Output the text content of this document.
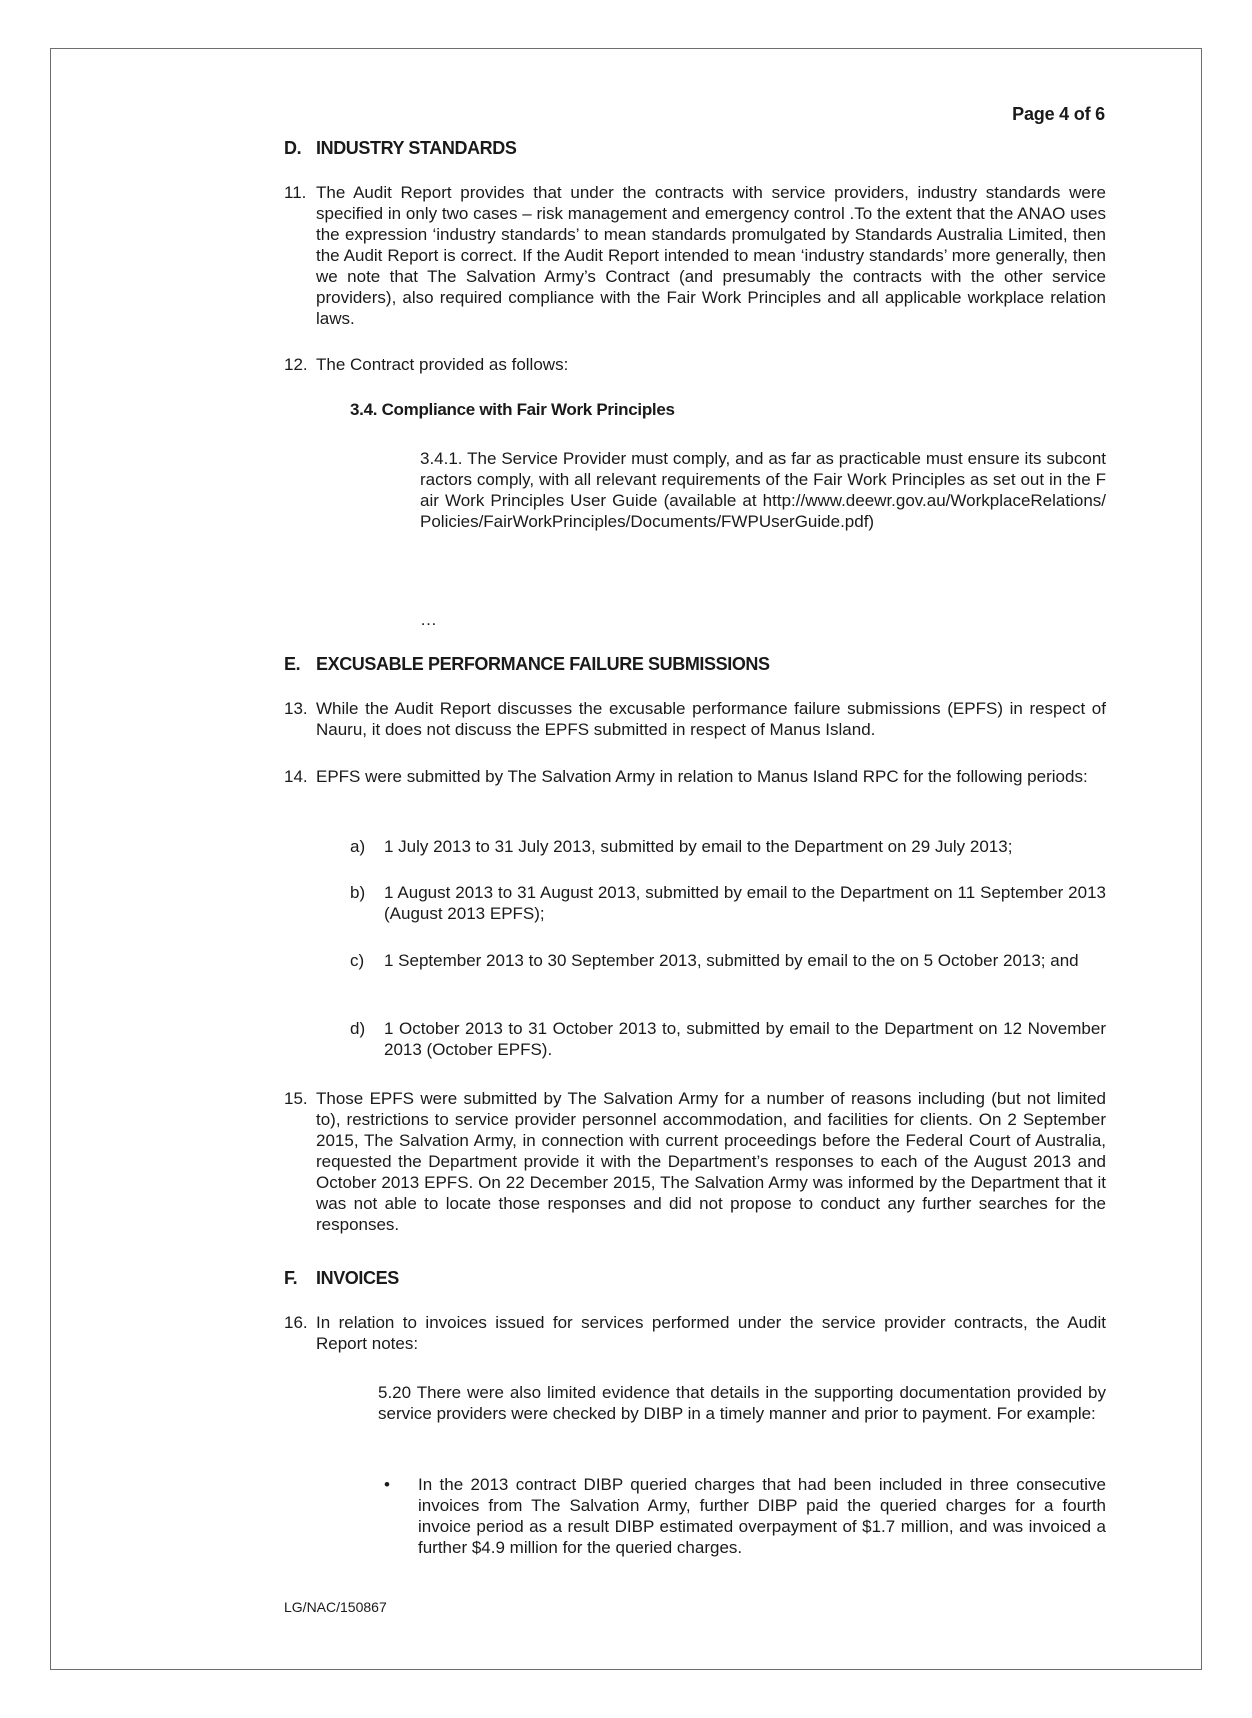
Page 4 of 6
D. INDUSTRY STANDARDS
11. The Audit Report provides that under the contracts with service providers, industry standards were specified in only two cases – risk management and emergency control .To the extent that the ANAO uses the expression ‘industry standards’ to mean standards promulgated by Standards Australia Limited, then the Audit Report is correct. If the Audit Report intended to mean ‘industry standards’ more generally, then we note that The Salvation Army’s Contract (and presumably the contracts with the other service providers), also required compliance with the Fair Work Principles and all applicable workplace relation laws.
12. The Contract provided as follows:
3.4. Compliance with Fair Work Principles
3.4.1. The Service Provider must comply, and as far as practicable must ensure its subcontractors comply, with all relevant requirements of the Fair Work Principles as set out in the Fair Work Principles User Guide (available at http://www.deewr.gov.au/WorkplaceRelations/Policies/FairWorkPrinciples/Documents/FWPUserGuide.pdf)
…
E. EXCUSABLE PERFORMANCE FAILURE SUBMISSIONS
13. While the Audit Report discusses the excusable performance failure submissions (EPFS) in respect of Nauru, it does not discuss the EPFS submitted in respect of Manus Island.
14. EPFS were submitted by The Salvation Army in relation to Manus Island RPC for the following periods:
a)	1 July 2013 to 31 July 2013, submitted by email to the Department on 29 July 2013;
b)	1 August 2013 to 31 August 2013, submitted by email to the Department on 11 September 2013 (August 2013 EPFS);
c)	1 September 2013 to 30 September 2013, submitted by email to the on 5 October 2013; and
d)	1 October 2013 to 31 October 2013 to, submitted by email to the Department on 12 November 2013 (October EPFS).
15. Those EPFS were submitted by The Salvation Army for a number of reasons including (but not limited to), restrictions to service provider personnel accommodation, and facilities for clients. On 2 September 2015, The Salvation Army, in connection with current proceedings before the Federal Court of Australia, requested the Department provide it with the Department’s responses to each of the August 2013 and October 2013 EPFS. On 22 December 2015, The Salvation Army was informed by the Department that it was not able to locate those responses and did not propose to conduct any further searches for the responses.
F. INVOICES
16. In relation to invoices issued for services performed under the service provider contracts, the Audit Report notes:
5.20 There were also limited evidence that details in the supporting documentation provided by service providers were checked by DIBP in a timely manner and prior to payment. For example:
• In the 2013 contract DIBP queried charges that had been included in three consecutive invoices from The Salvation Army, further DIBP paid the queried charges for a fourth invoice period as a result DIBP estimated overpayment of $1.7 million, and was invoiced a further $4.9 million for the queried charges.
LG/NAC/150867
